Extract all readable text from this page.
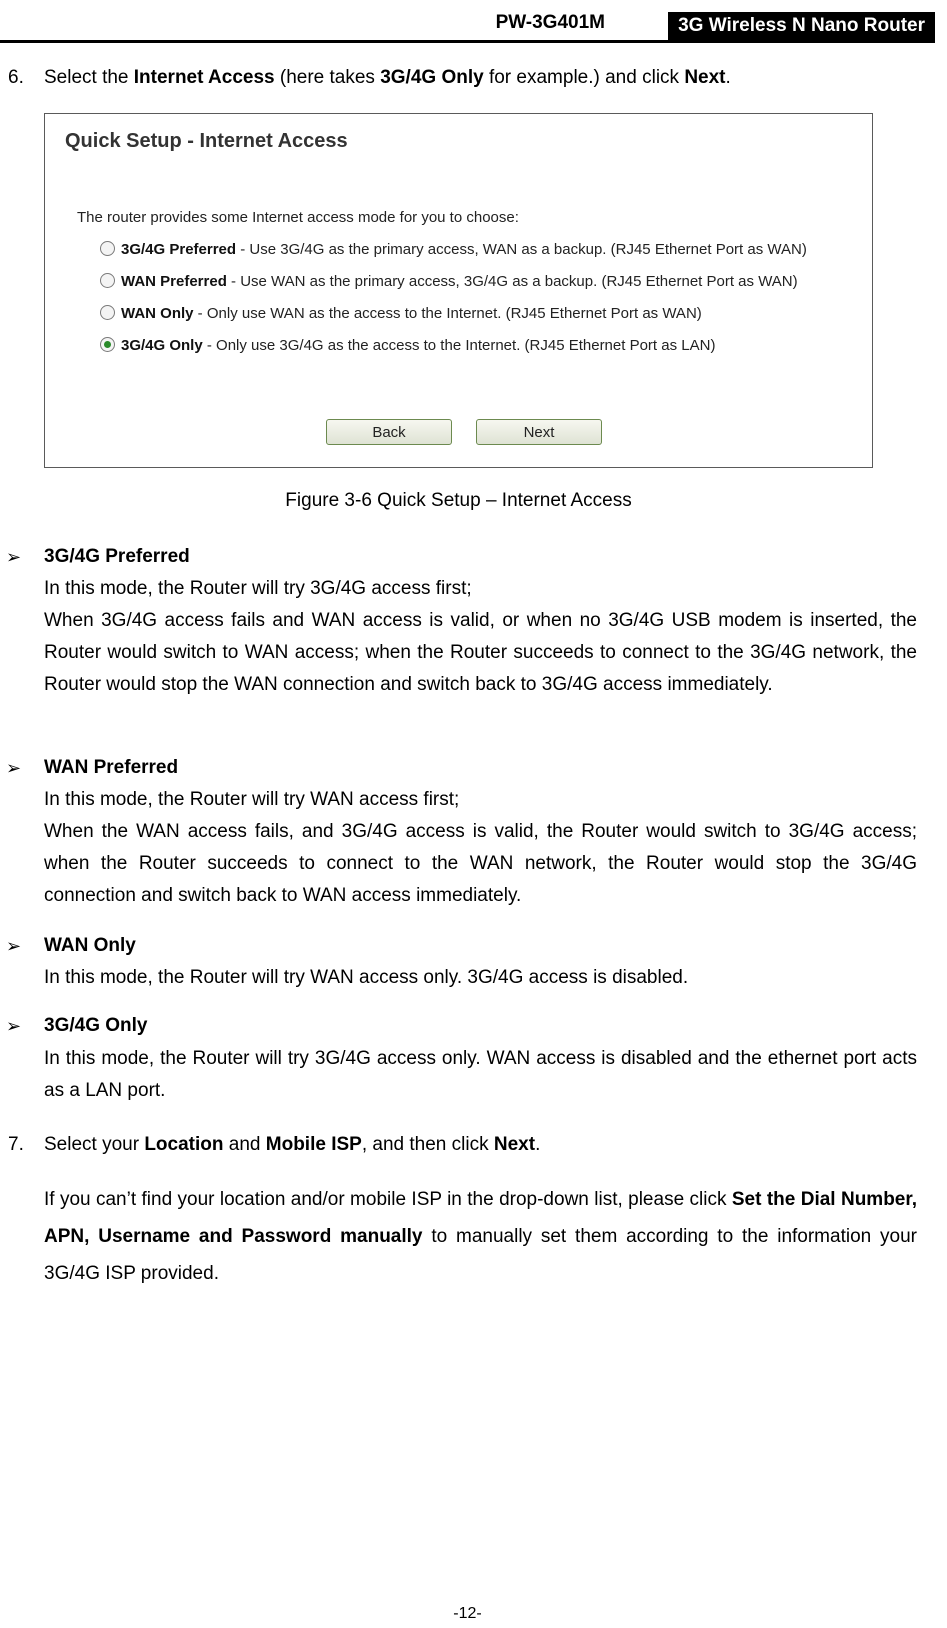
PW-3G401M	3G Wireless N Nano Router
6. Select the Internet Access (here takes 3G/4G Only for example.) and click Next.

Quick Setup - Internet Access
The router provides some Internet access mode for you to choose:
3G/4G Preferred - Use 3G/4G as the primary access, WAN as a backup. (RJ45 Ethernet Port as WAN)
WAN Preferred - Use WAN as the primary access, 3G/4G as a backup. (RJ45 Ethernet Port as WAN)
WAN Only - Only use WAN as the access to the Internet. (RJ45 Ethernet Port as WAN)
3G/4G Only - Only use 3G/4G as the access to the Internet. (RJ45 Ethernet Port as LAN)
Back	Next
Figure 3-6 Quick Setup – Internet Access
➢ 3G/4G Preferred

In this mode, the Router will try 3G/4G access first;

When 3G/4G access fails and WAN access is valid, or when no 3G/4G USB modem is inserted, the Router would switch to WAN access; when the Router succeeds to connect to the 3G/4G network, the Router would stop the WAN connection and switch back to 3G/4G access immediately.

➢ WAN Preferred

In this mode, the Router will try WAN access first;

When the WAN access fails, and 3G/4G access is valid, the Router would switch to 3G/4G access; when the Router succeeds to connect to the WAN network, the Router would stop the 3G/4G connection and switch back to WAN access immediately.

➢ WAN Only

In this mode, the Router will try WAN access only. 3G/4G access is disabled.

➢ 3G/4G Only

In this mode, the Router will try 3G/4G access only. WAN access is disabled and the ethernet port acts as a LAN port.

7. Select your Location and Mobile ISP, and then click Next.

If you can’t find your location and/or mobile ISP in the drop-down list, please click Set the Dial Number, APN, Username and Password manually to manually set them according to the information your 3G/4G ISP provided.

-12-
